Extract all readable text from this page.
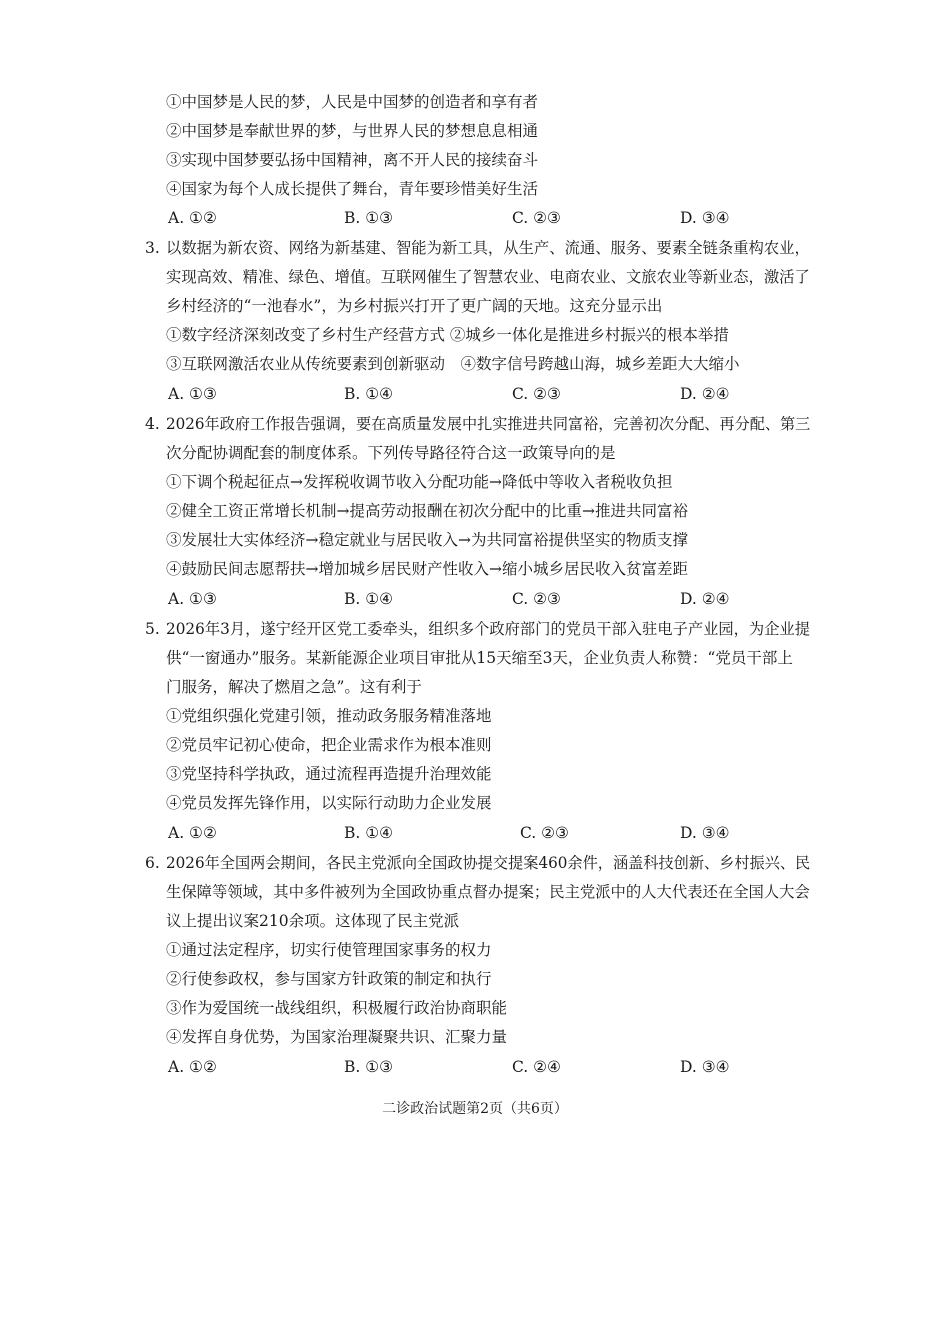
①中国梦是人民的梦，人民是中国梦的创造者和享有者
②中国梦是奉献世界的梦，与世界人民的梦想息息相通
③实现中国梦要弘扬中国精神，离不开人民的接续奋斗
④国家为每个人成长提供了舞台，青年要珍惜美好生活
A. ①②	B. ①③	C. ②③	D. ③④
3. 以数据为新农资、网络为新基建、智能为新工具，从生产、流通、服务、要素全链条重构农业，
实现高效、精准、绿色、增值。互联网催生了智慧农业、电商农业、文旅农业等新业态，激活了
乡村经济的“一池春水”，为乡村振兴打开了更广阔的天地。这充分显示出
①数字经济深刻改变了乡村生产经营方式 ②城乡一体化是推进乡村振兴的根本举措
③互联网激活农业从传统要素到创新驱动　④数字信号跨越山海，城乡差距大大缩小
A. ①③	B. ①④	C. ②③	D. ②④
4. 2026年政府工作报告强调，要在高质量发展中扎实推进共同富裕，完善初次分配、再分配、第三
次分配协调配套的制度体系。下列传导路径符合这一政策导向的是
①下调个税起征点→发挥税收调节收入分配功能→降低中等收入者税收负担
②健全工资正常增长机制→提高劳动报酬在初次分配中的比重→推进共同富裕
③发展壮大实体经济→稳定就业与居民收入→为共同富裕提供坚实的物质支撑
④鼓励民间志愿帮扶→增加城乡居民财产性收入→缩小城乡居民收入贫富差距
A. ①③	B. ①④	C. ②③	D. ②④
5. 2026年3月，遂宁经开区党工委牵头，组织多个政府部门的党员干部入驻电子产业园，为企业提
供“一窗通办”服务。某新能源企业项目审批从15天缩至3天，企业负责人称赞：“党员干部上
门服务，解决了燃眉之急”。这有利于
①党组织强化党建引领，推动政务服务精准落地
②党员牢记初心使命，把企业需求作为根本准则
③党坚持科学执政，通过流程再造提升治理效能
④党员发挥先锋作用，以实际行动助力企业发展
A. ①②	B. ①④	C. ②③	D. ③④
6. 2026年全国两会期间，各民主党派向全国政协提交提案460余件，涵盖科技创新、乡村振兴、民
生保障等领域，其中多件被列为全国政协重点督办提案；民主党派中的人大代表还在全国人大会
议上提出议案210余项。这体现了民主党派
①通过法定程序，切实行使管理国家事务的权力
②行使参政权，参与国家方针政策的制定和执行
③作为爱国统一战线组织，积极履行政治协商职能
④发挥自身优势，为国家治理凝聚共识、汇聚力量
A. ①②	B. ①③	C. ②④	D. ③④
二诊政治试题第2页（共6页）
